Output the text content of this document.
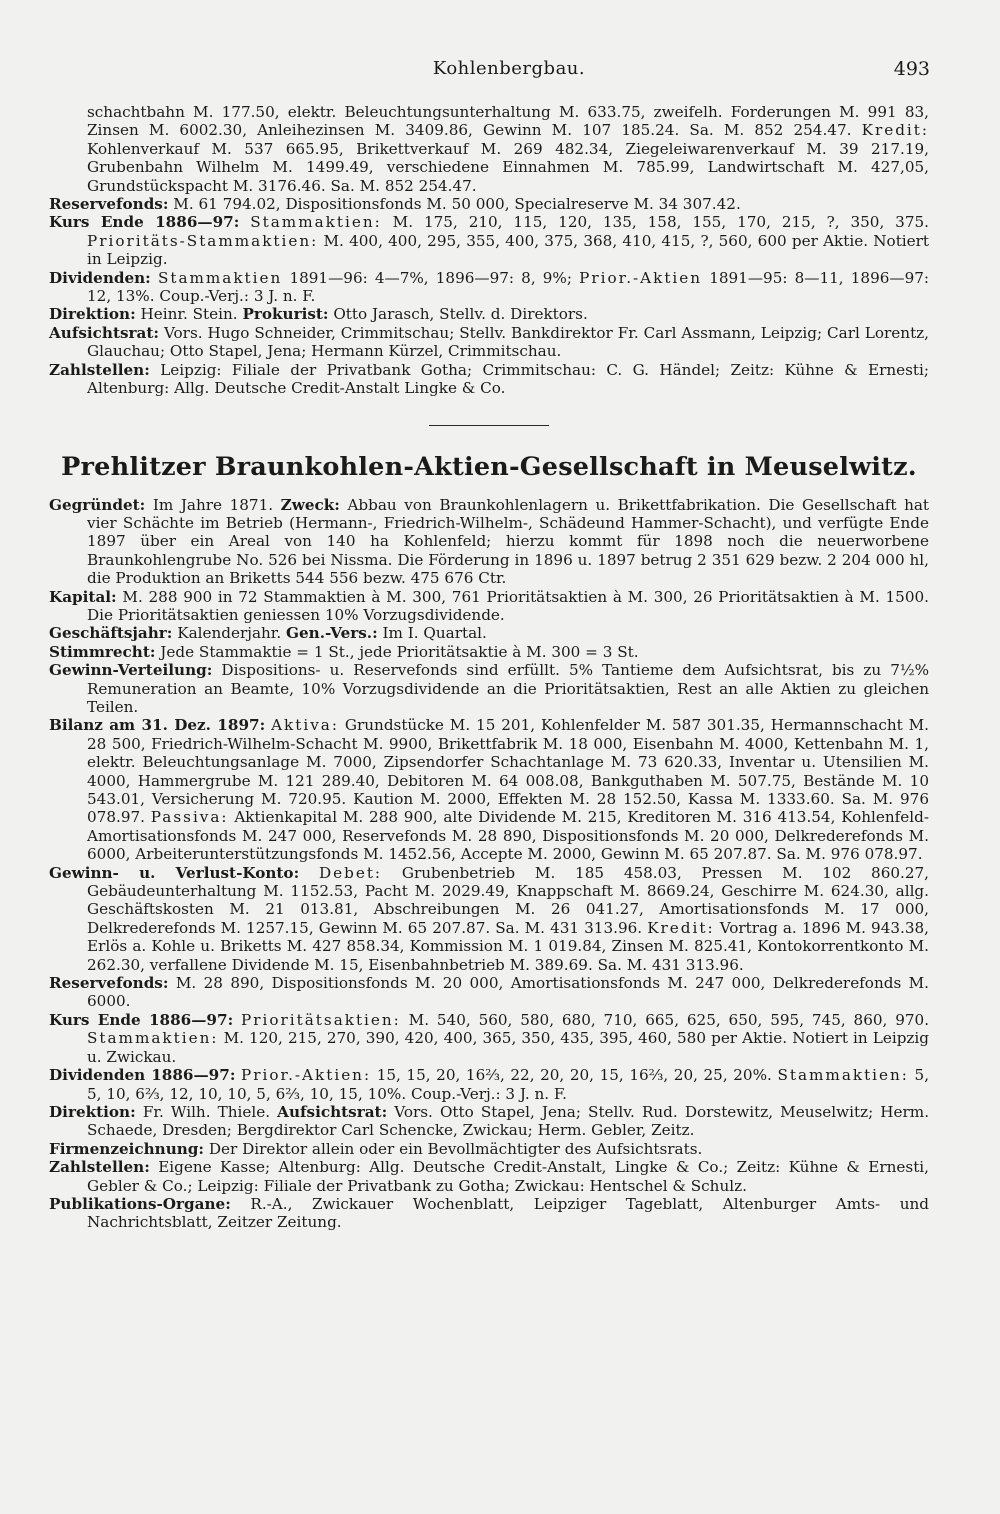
Kohlenbergbau.	493

schachtbahn M. 177.50, elektr. Beleuchtungsunterhaltung M. 633.75, zweifelh. Forderungen M. 991 83, Zinsen M. 6002.30, Anleihezinsen M. 3409.86, Gewinn M. 107 185.24. Sa. M. 852 254.47. Kredit: Kohlenverkauf M. 537 665.95, Brikettverkauf M. 269 482.34, Ziegeleiwarenverkauf M. 39 217.19, Grubenbahn Wilhelm M. 1499.49, verschiedene Einnahmen M. 785.99, Landwirtschaft M. 427,05, Grundstückspacht M. 3176.46. Sa. M. 852 254.47.

Reservefonds: M. 61 794.02, Dispositionsfonds M. 50 000, Specialreserve M. 34 307.42.

Kurs Ende 1886—97: Stammaktien: M. 175, 210, 115, 120, 135, 158, 155, 170, 215, ?, 350, 375. Prioritäts-Stammaktien: M. 400, 400, 295, 355, 400, 375, 368, 410, 415, ?, 560, 600 per Aktie. Notiert in Leipzig.

Dividenden: Stammaktien 1891—96: 4—7%, 1896—97: 8, 9%; Prior.-Aktien 1891—95: 8—11, 1896—97: 12, 13%. Coup.-Verj.: 3 J. n. F.

Direktion: Heinr. Stein. Prokurist: Otto Jarasch, Stellv. d. Direktors.

Aufsichtsrat: Vors. Hugo Schneider, Crimmitschau; Stellv. Bankdirektor Fr. Carl Assmann, Leipzig; Carl Lorentz, Glauchau; Otto Stapel, Jena; Hermann Kürzel, Crimmitschau.

Zahlstellen: Leipzig: Filiale der Privatbank Gotha; Crimmitschau: C. G. Händel; Zeitz: Kühne & Ernesti; Altenburg: Allg. Deutsche Credit-Anstalt Lingke & Co.

Prehlitzer Braunkohlen-Aktien-Gesellschaft in Meuselwitz.

Gegründet: Im Jahre 1871. Zweck: Abbau von Braunkohlenlagern u. Brikettfabrikation. Die Gesellschaft hat vier Schächte im Betrieb (Hermann-, Friedrich-Wilhelm-, Schädeund Hammer-Schacht), und verfügte Ende 1897 über ein Areal von 140 ha Kohlenfeld; hierzu kommt für 1898 noch die neuerworbene Braunkohlengrube No. 526 bei Nissma. Die Förderung in 1896 u. 1897 betrug 2 351 629 bezw. 2 204 000 hl, die Produktion an Briketts 544 556 bezw. 475 676 Ctr.

Kapital: M. 288 900 in 72 Stammaktien à M. 300, 761 Prioritätsaktien à M. 300, 26 Prioritätsaktien à M. 1500. Die Prioritätsaktien geniessen 10% Vorzugsdividende.

Geschäftsjahr: Kalenderjahr. Gen.-Vers.: Im I. Quartal.

Stimmrecht: Jede Stammaktie = 1 St., jede Prioritätsaktie à M. 300 = 3 St.

Gewinn-Verteilung: Dispositions- u. Reservefonds sind erfüllt. 5% Tantieme dem Aufsichtsrat, bis zu 7½% Remuneration an Beamte, 10% Vorzugsdividende an die Prioritätsaktien, Rest an alle Aktien zu gleichen Teilen.

Bilanz am 31. Dez. 1897: Aktiva: Grundstücke M. 15 201, Kohlenfelder M. 587 301.35, Hermannschacht M. 28 500, Friedrich-Wilhelm-Schacht M. 9900, Brikettfabrik M. 18 000, Eisenbahn M. 4000, Kettenbahn M. 1, elektr. Beleuchtungsanlage M. 7000, Zipsendorfer Schachtanlage M. 73 620.33, Inventar u. Utensilien M. 4000, Hammergrube M. 121 289.40, Debitoren M. 64 008.08, Bankguthaben M. 507.75, Bestände M. 10 543.01, Versicherung M. 720.95. Kaution M. 2000, Effekten M. 28 152.50, Kassa M. 1333.60. Sa. M. 976 078.97. Passiva: Aktienkapital M. 288 900, alte Dividende M. 215, Kreditoren M. 316 413.54, Kohlenfeld-Amortisationsfonds M. 247 000, Reservefonds M. 28 890, Dispositionsfonds M. 20 000, Delkrederefonds M. 6000, Arbeiterunterstützungsfonds M. 1452.56, Accepte M. 2000, Gewinn M. 65 207.87. Sa. M. 976 078.97.

Gewinn- u. Verlust-Konto: Debet: Grubenbetrieb M. 185 458.03, Pressen M. 102 860.27, Gebäudeunterhaltung M. 1152.53, Pacht M. 2029.49, Knappschaft M. 8669.24, Geschirre M. 624.30, allg. Geschäftskosten M. 21 013.81, Abschreibungen M. 26 041.27, Amortisationsfonds M. 17 000, Delkrederefonds M. 1257.15, Gewinn M. 65 207.87. Sa. M. 431 313.96. Kredit: Vortrag a. 1896 M. 943.38, Erlös a. Kohle u. Briketts M. 427 858.34, Kommission M. 1 019.84, Zinsen M. 825.41, Kontokorrentkonto M. 262.30, verfallene Dividende M. 15, Eisenbahnbetrieb M. 389.69. Sa. M. 431 313.96.

Reservefonds: M. 28 890, Dispositionsfonds M. 20 000, Amortisationsfonds M. 247 000, Delkrederefonds M. 6000.

Kurs Ende 1886—97: Prioritätsaktien: M. 540, 560, 580, 680, 710, 665, 625, 650, 595, 745, 860, 970. Stammaktien: M. 120, 215, 270, 390, 420, 400, 365, 350, 435, 395, 460, 580 per Aktie. Notiert in Leipzig u. Zwickau.

Dividenden 1886—97: Prior.-Aktien: 15, 15, 20, 16⅔, 22, 20, 20, 15, 16⅔, 20, 25, 20%. Stammaktien: 5, 5, 10, 6⅔, 12, 10, 10, 5, 6⅔, 10, 15, 10%. Coup.-Verj.: 3 J. n. F.

Direktion: Fr. Wilh. Thiele. Aufsichtsrat: Vors. Otto Stapel, Jena; Stellv. Rud. Dorstewitz, Meuselwitz; Herm. Schaede, Dresden; Bergdirektor Carl Schencke, Zwickau; Herm. Gebler, Zeitz.

Firmenzeichnung: Der Direktor allein oder ein Bevollmächtigter des Aufsichtsrats.

Zahlstellen: Eigene Kasse; Altenburg: Allg. Deutsche Credit-Anstalt, Lingke & Co.; Zeitz: Kühne & Ernesti, Gebler & Co.; Leipzig: Filiale der Privatbank zu Gotha; Zwickau: Hentschel & Schulz.

Publikations-Organe: R.-A., Zwickauer Wochenblatt, Leipziger Tageblatt, Altenburger Amts- und Nachrichtsblatt, Zeitzer Zeitung.
